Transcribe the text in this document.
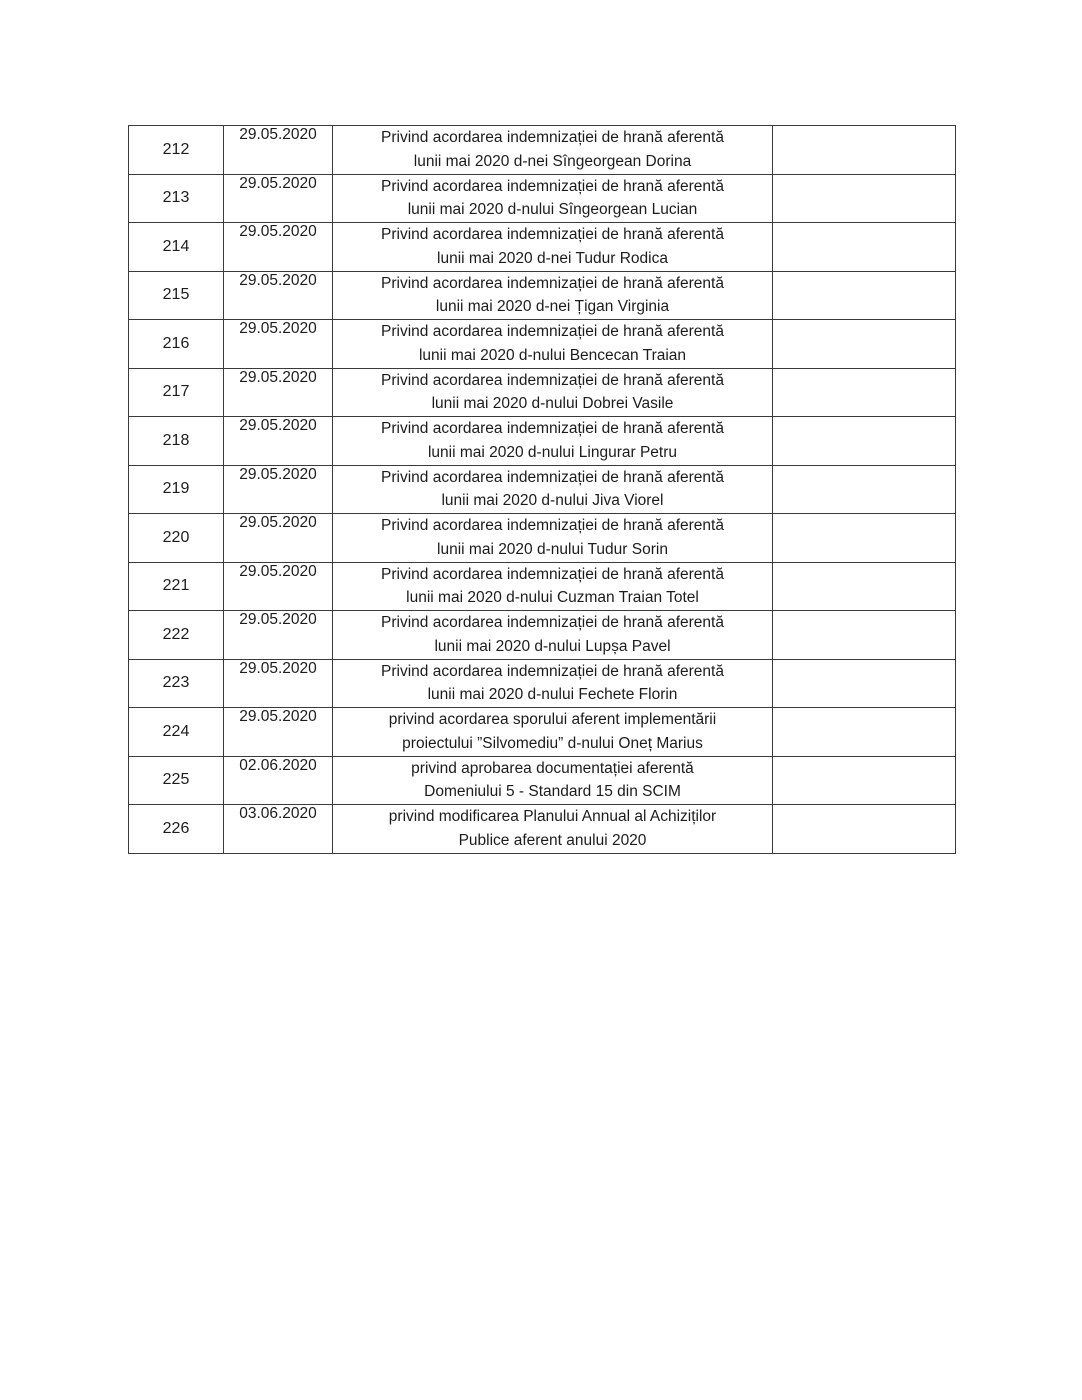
212	29.05.2020	Privind acordarea indemnizației de hrană aferentă
lunii mai 2020 d-nei Sîngeorgean Dorina	

213	29.05.2020	Privind acordarea indemnizației de hrană aferentă
lunii mai 2020 d-nului Sîngeorgean Lucian	

214	29.05.2020	Privind acordarea indemnizației de hrană aferentă
lunii mai 2020 d-nei Tudur Rodica	

215	29.05.2020	Privind acordarea indemnizației de hrană aferentă
lunii mai 2020 d-nei Țigan Virginia	

216	29.05.2020	Privind acordarea indemnizației de hrană aferentă
lunii mai 2020 d-nului Bencecan Traian	

217	29.05.2020	Privind acordarea indemnizației de hrană aferentă
lunii mai 2020 d-nului Dobrei Vasile	

218	29.05.2020	Privind acordarea indemnizației de hrană aferentă
lunii mai 2020 d-nului Lingurar Petru	

219	29.05.2020	Privind acordarea indemnizației de hrană aferentă
lunii mai 2020 d-nului Jiva Viorel	

220	29.05.2020	Privind acordarea indemnizației de hrană aferentă
lunii mai 2020 d-nului Tudur Sorin	

221	29.05.2020	Privind acordarea indemnizației de hrană aferentă
lunii mai 2020 d-nului Cuzman Traian Totel	

222	29.05.2020	Privind acordarea indemnizației de hrană aferentă
lunii mai 2020 d-nului Lupșa Pavel	

223	29.05.2020	Privind acordarea indemnizației de hrană aferentă
lunii mai 2020 d-nului Fechete Florin	

224	29.05.2020	privind acordarea sporului aferent implementării
proiectului ”Silvomediu” d-nului Oneț Marius	

225	02.06.2020	privind aprobarea documentației aferentă
Domeniului 5 - Standard 15 din SCIM	

226	03.06.2020	privind modificarea Planului Annual al Achiziților
Publice aferent anului 2020	
